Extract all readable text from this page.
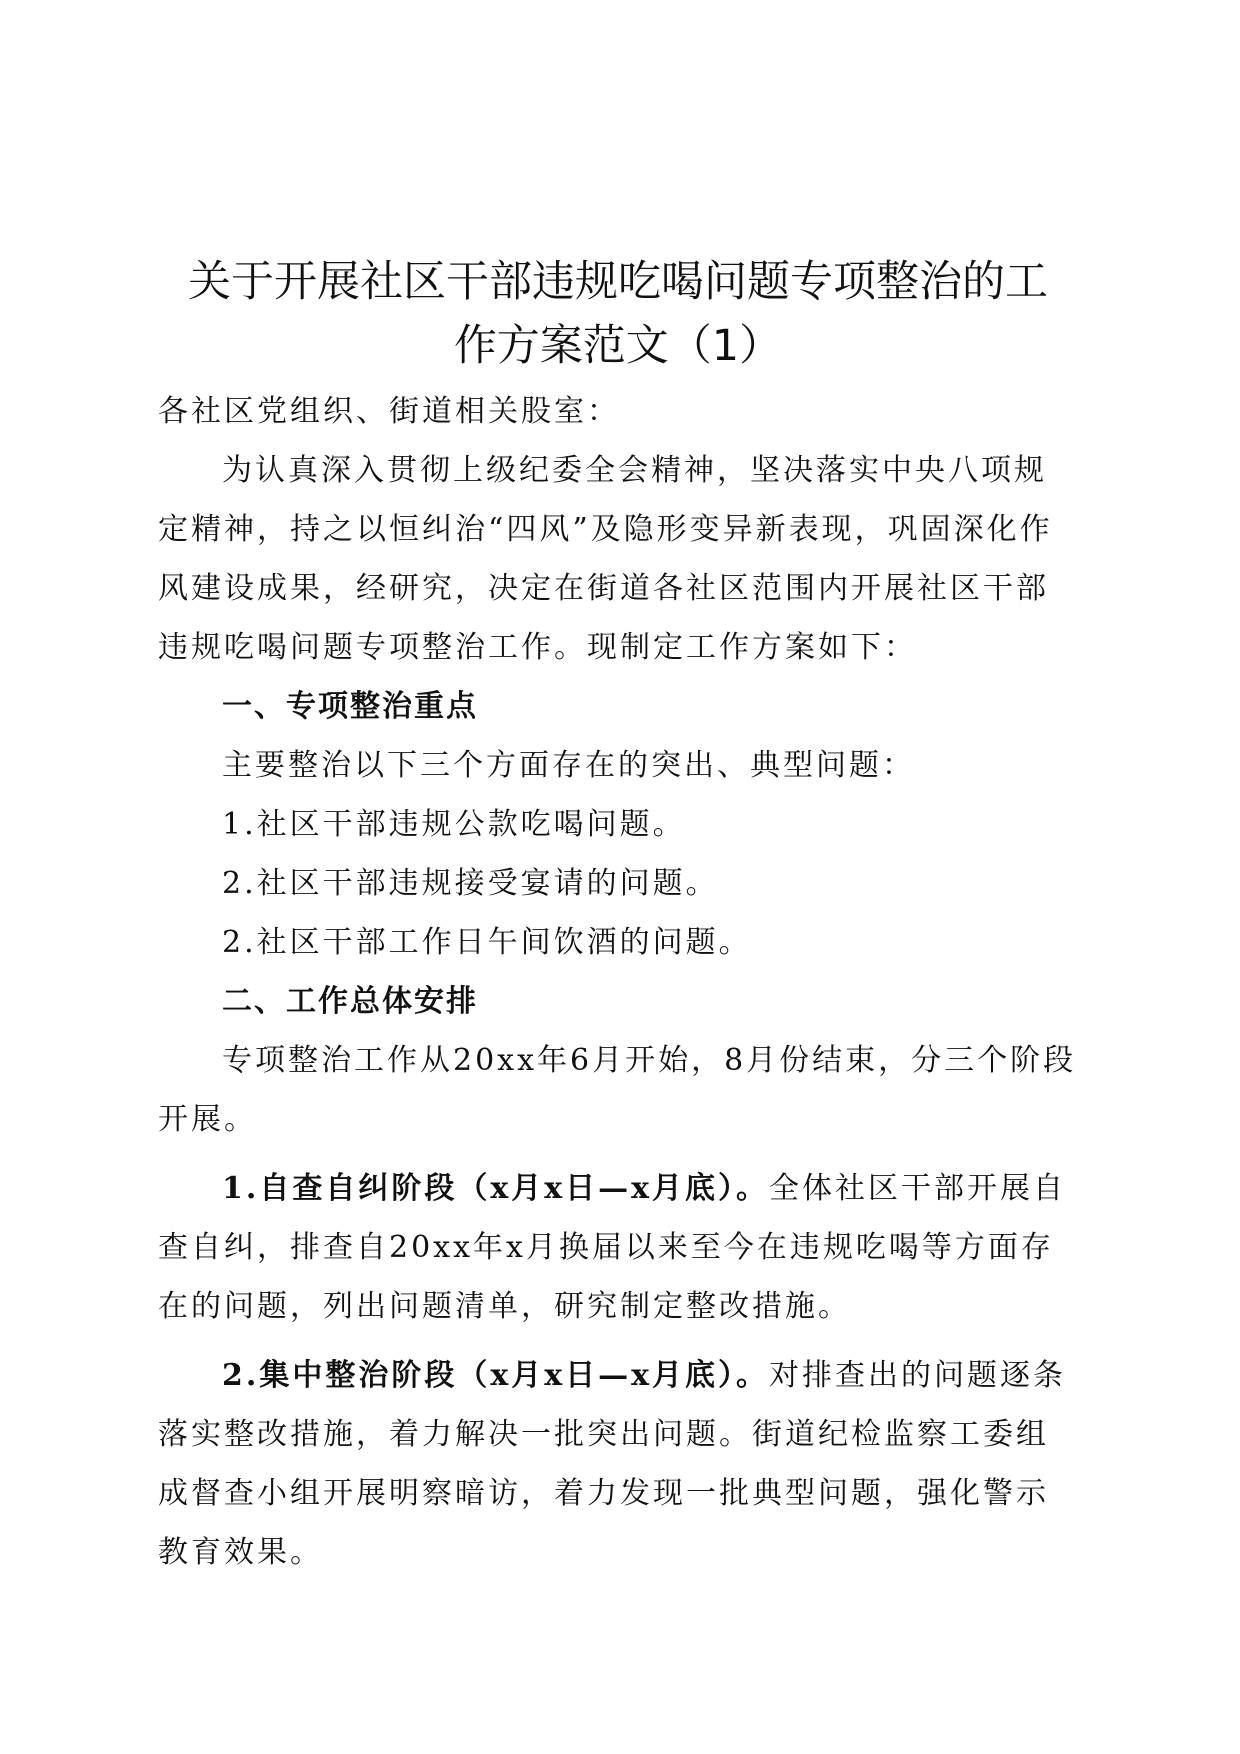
关于开展社区干部违规吃喝问题专项整治的工
作方案范文（1）

各社区党组织、街道相关股室：

为认真深入贯彻上级纪委全会精神，坚决落实中央八项规定精神，持之以恒纠治“四风”及隐形变异新表现，巩固深化作风建设成果，经研究，决定在街道各社区范围内开展社区干部违规吃喝问题专项整治工作。现制定工作方案如下：

一、专项整治重点

主要整治以下三个方面存在的突出、典型问题：

1.社区干部违规公款吃喝问题。

2.社区干部违规接受宴请的问题。

2.社区干部工作日午间饮酒的问题。

二、工作总体安排

专项整治工作从20xx年6月开始，8月份结束，分三个阶段开展。

1.自查自纠阶段（x月x日—x月底）。全体社区干部开展自查自纠，排查自20xx年x月换届以来至今在违规吃喝等方面存在的问题，列出问题清单，研究制定整改措施。

2.集中整治阶段（x月x日—x月底）。对排查出的问题逐条落实整改措施，着力解决一批突出问题。街道纪检监察工委组成督查小组开展明察暗访，着力发现一批典型问题，强化警示教育效果。
